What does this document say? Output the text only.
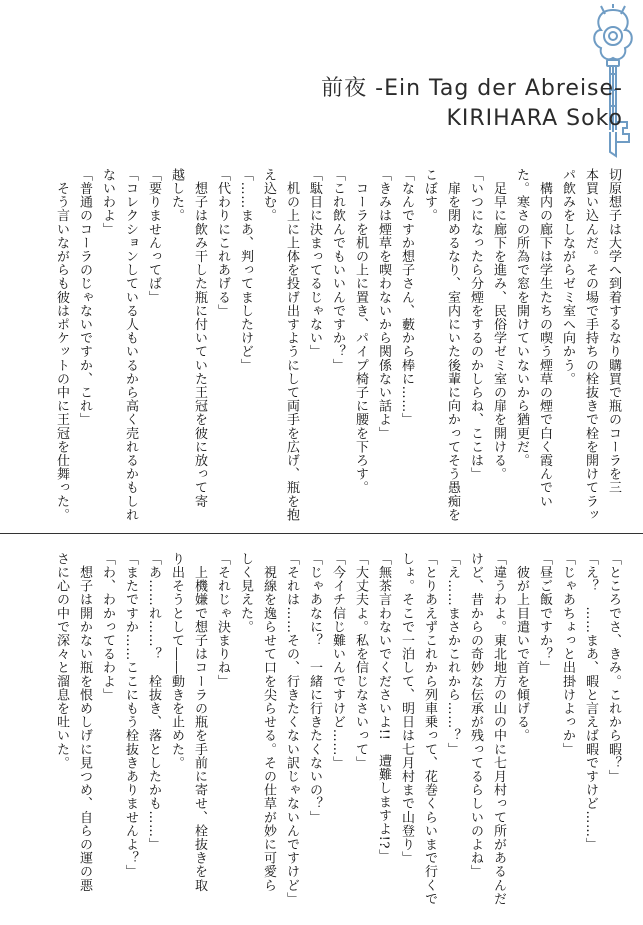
前夜 -Ein Tag der Abreise-
KIRIHARA Soko

切原想子は大学へ到着するなり購買で瓶のコーラを三

本買い込んだ。その場で手持ちの栓抜きで栓を開けてラッ

パ飲みをしながらゼミ室へ向かう。

　構内の廊下は学生たちの喫う煙草の煙で白く霞んでい

た。寒さの所為で窓を開けていないから猶更だ。

　足早に廊下を進み、民俗学ゼミ室の扉を開ける。

「いつになったら分煙をするのかしらね、ここは」

　扉を閉めるなり、室内にいた後輩に向かってそう愚痴を

こぼす。

「なんですか想子さん、藪から棒に……」

「きみは煙草を喫わないから関係ない話よ」

　コーラを机の上に置き、パイプ椅子に腰を下ろす。

「これ飲んでもいいんですか？」

「駄目に決まってるじゃない」

　机の上に上体を投げ出すようにして両手を広げ、瓶を抱

え込む。

「……まあ、判ってましたけど」

「代わりにこれあげる」

　想子は飲み干した瓶に付いていた王冠を彼に放って寄

越した。

「要りませんってば」

「コレクションしている人もいるから高く売れるかもしれ

ないわよ」

「普通のコーラのじゃないですか、これ」

　そう言いながらも彼はポケットの中に王冠を仕舞った。

「ところでさ、きみ。これから暇？」

「え？　……まあ、暇と言えば暇ですけど……」

「じゃあちょっと出掛けよっか」

「昼ご飯ですか？」

　彼が上目遣いで首を傾げる。

「違うわよ。東北地方の山の中に七月村って所があるんだ

けど、昔からの奇妙な伝承が残ってるらしいのよね」

「え……まさかこれから……？」

「とりあえずこれから列車乗って、花巻くらいまで行くで

しょ。そこで一泊して、明日は七月村まで山登り」

「無茶言わないでくださいよ!!　遭難しますよ!?」

「大丈夫よ。私を信じなさいって」

「今イチ信じ難いんですけど……」

「じゃあなに？　一緒に行きたくないの？」

「それは……その、行きたくない訳じゃないんですけど」

　視線を逸らせて口を尖らせる。その仕草が妙に可愛ら

しく見えた。

「それじゃ決まりね」

　上機嫌で想子はコーラの瓶を手前に寄せ、栓抜きを取

り出そうとして――動きを止めた。

「あ……れ……？　栓抜き、落としたかも……」

「またですか……ここにもう栓抜きありませんよ？」

「わ、わかってるわよ」

　想子は開かない瓶を恨めしげに見つめ、自らの運の悪

さに心の中で深々と溜息を吐いた。
